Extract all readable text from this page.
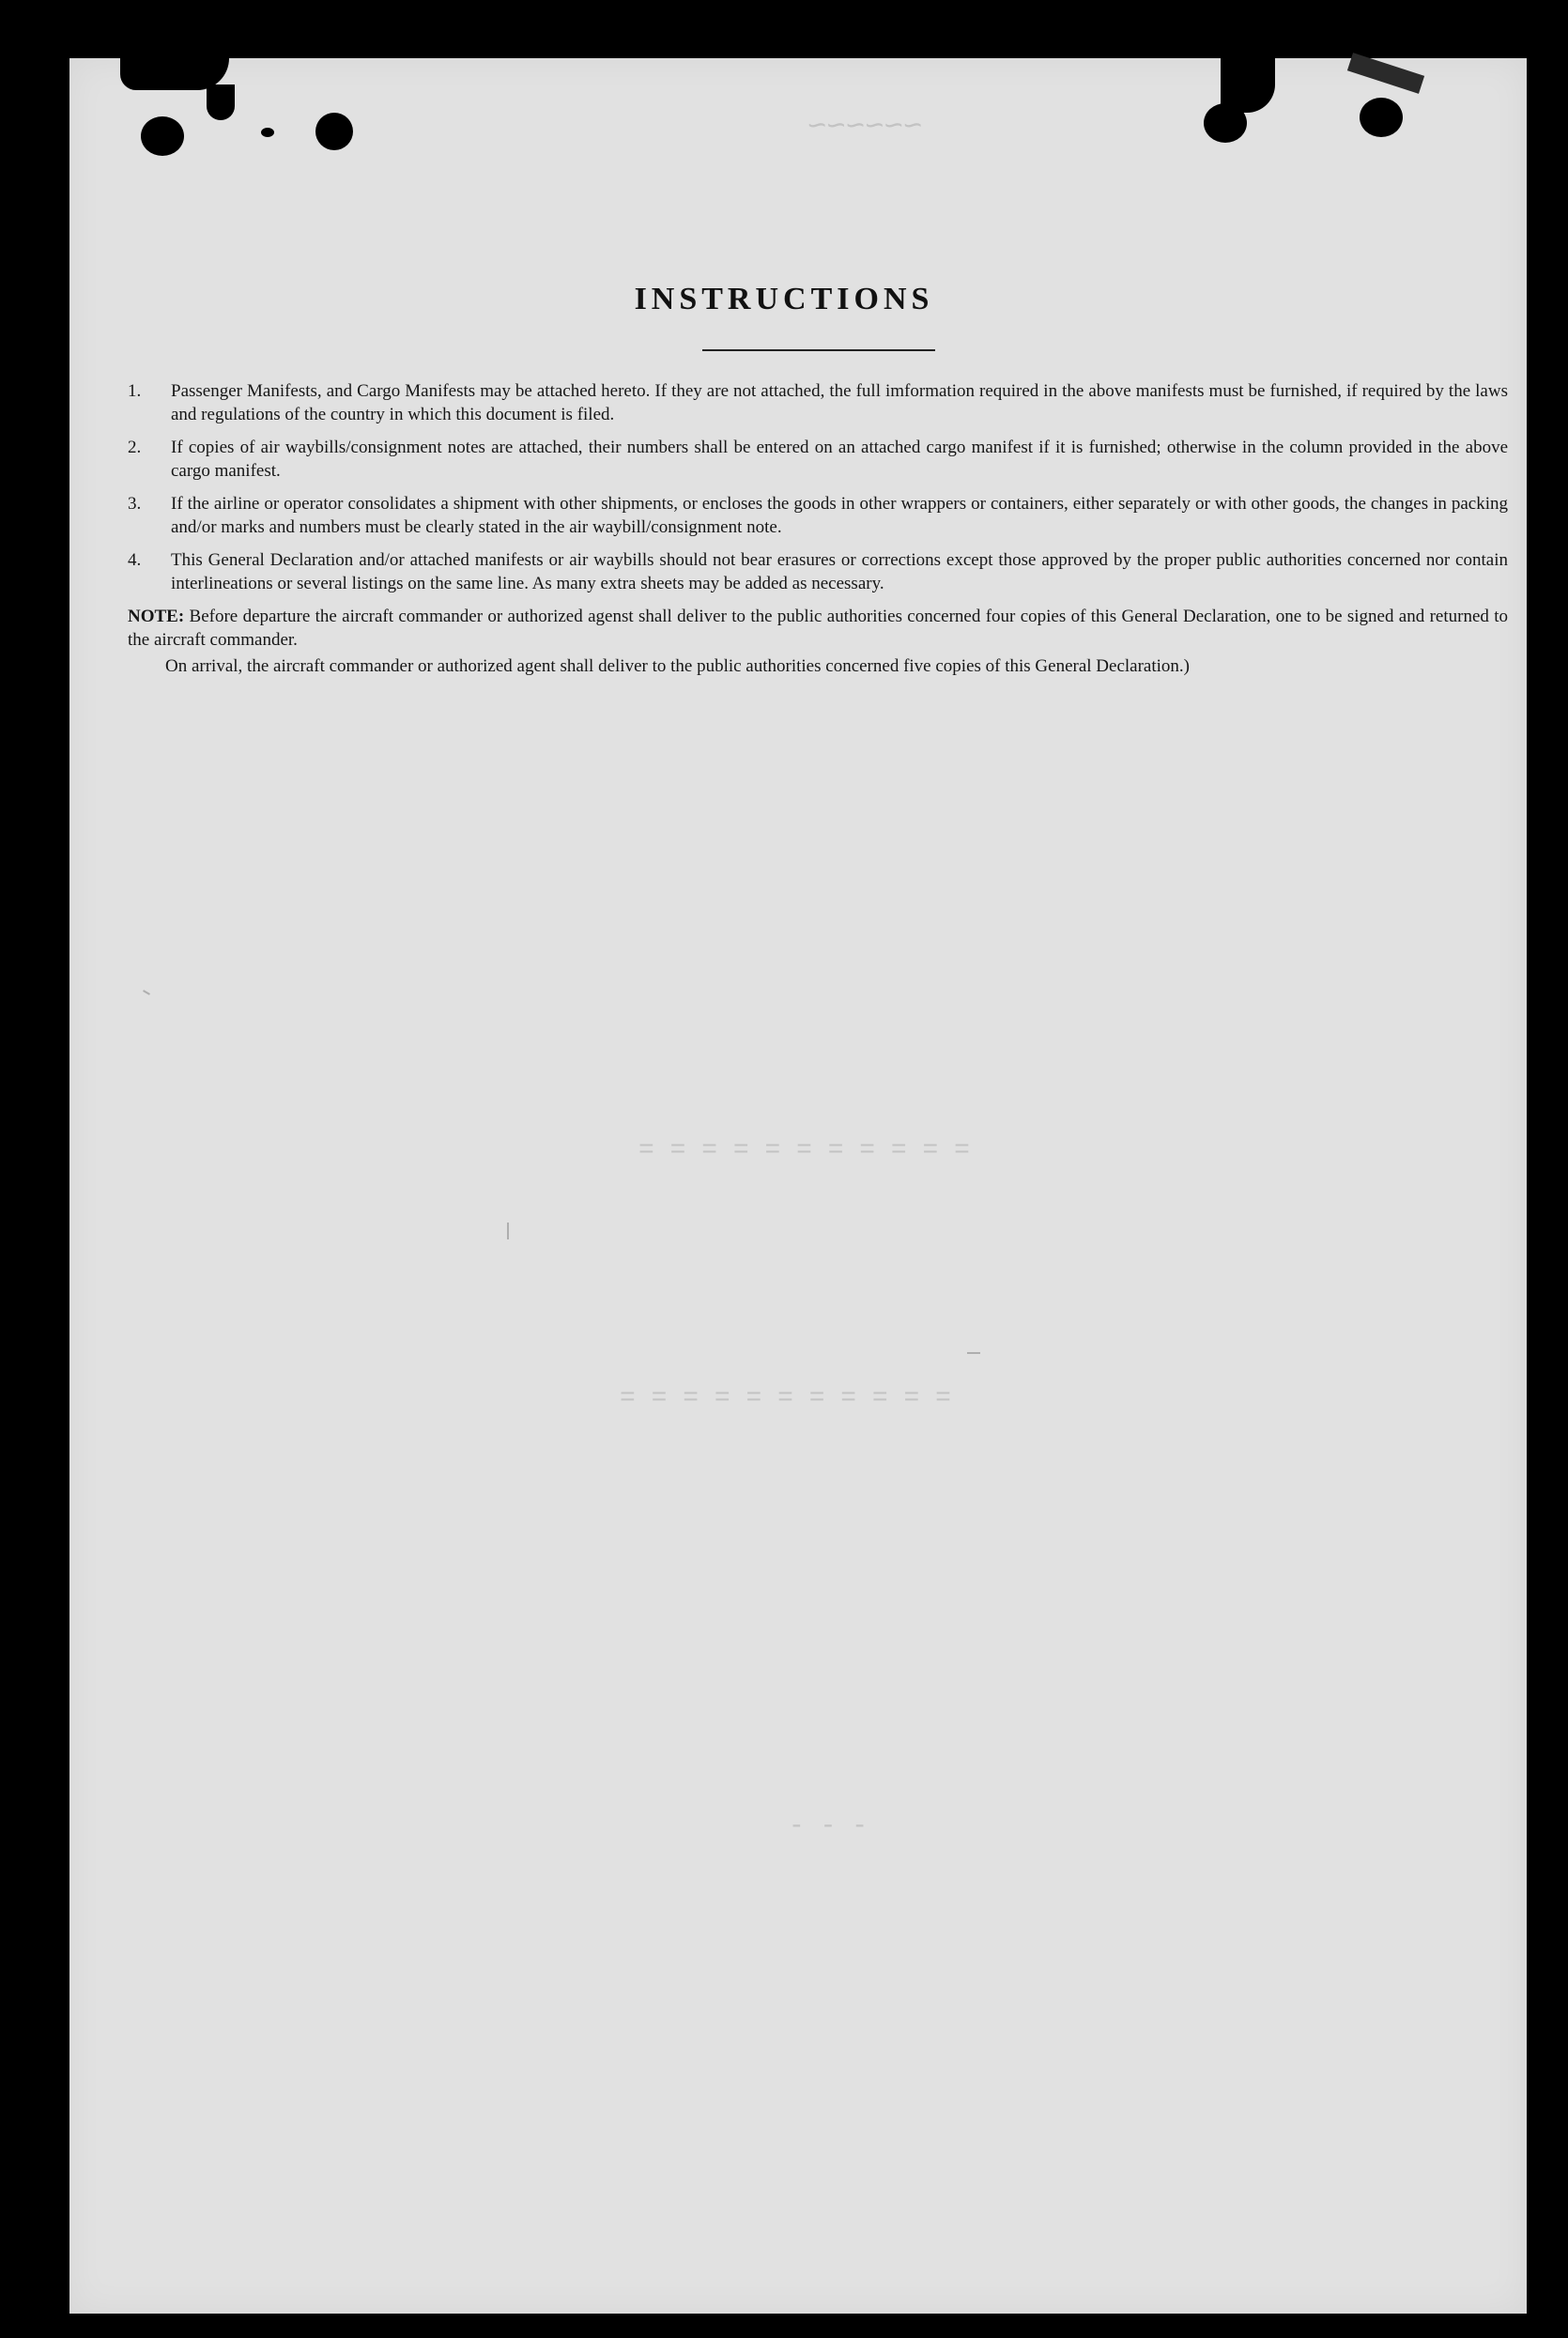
~~~~~~
= = = = = = = = = = =
= = = = = = = = = = =
- - -
INSTRUCTIONS
1.	Passenger Manifests, and Cargo Manifests may be attached hereto. If they are not attached, the full imformation required in the above manifests must be furnished, if required by the laws and regulations of the country in which this document is filed.
2.	If copies of air waybills/consignment notes are attached, their numbers shall be entered on an attached cargo manifest if it is furnished; otherwise in the column provided in the above cargo manifest.
3.	If the airline or operator consolidates a shipment with other shipments, or encloses the goods in other wrappers or containers, either separately or with other goods, the changes in packing and/or marks and numbers must be clearly stated in the air waybill/consignment note.
4.	This General Declaration and/or attached manifests or air waybills should not bear erasures or corrections except those approved by the proper public authorities concerned nor contain interlineations or several listings on the same line. As many extra sheets may be added as necessary.
NOTE: Before departure the aircraft commander or authorized agenst shall deliver to the public authorities concerned four copies of this General Declaration, one to be signed and returned to the aircraft commander.
On arrival, the aircraft commander or authorized agent shall deliver to the public authorities concerned five copies of this General Declaration.)
